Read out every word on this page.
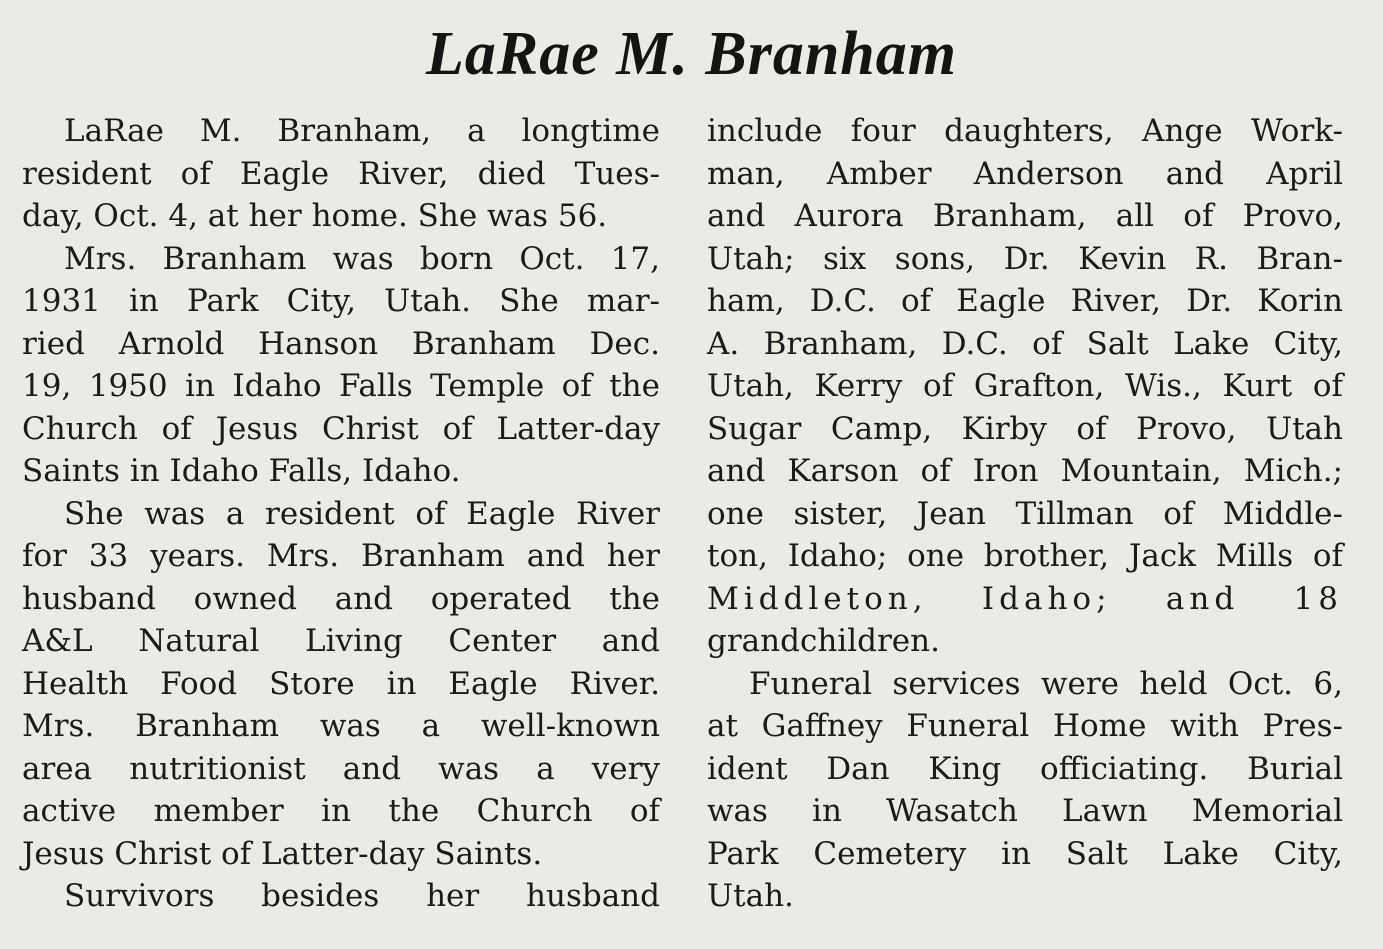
LaRae M. Branham
LaRae M. Branham, a longtime
resident of Eagle River, died Tues-
day, Oct. 4, at her home. She was 56.
Mrs. Branham was born Oct. 17,
1931 in Park City, Utah. She mar-
ried Arnold Hanson Branham Dec.
19, 1950 in Idaho Falls Temple of the
Church of Jesus Christ of Latter-day
Saints in Idaho Falls, Idaho.
She was a resident of Eagle River
for 33 years. Mrs. Branham and her
husband owned and operated the
A&L Natural Living Center and
Health Food Store in Eagle River.
Mrs. Branham was a well-known
area nutritionist and was a very
active member in the Church of
Jesus Christ of Latter-day Saints.
Survivors besides her husband
include four daughters, Ange Work-
man, Amber Anderson and April
and Aurora Branham, all of Provo,
Utah; six sons, Dr. Kevin R. Bran-
ham, D.C. of Eagle River, Dr. Korin
A. Branham, D.C. of Salt Lake City,
Utah, Kerry of Grafton, Wis., Kurt of
Sugar Camp, Kirby of Provo, Utah
and Karson of Iron Mountain, Mich.;
one sister, Jean Tillman of Middle-
ton, Idaho; one brother, Jack Mills of
Middleton, Idaho; and 18
grandchildren.
Funeral services were held Oct. 6,
at Gaffney Funeral Home with Pres-
ident Dan King officiating. Burial
was in Wasatch Lawn Memorial
Park Cemetery in Salt Lake City,
Utah.
